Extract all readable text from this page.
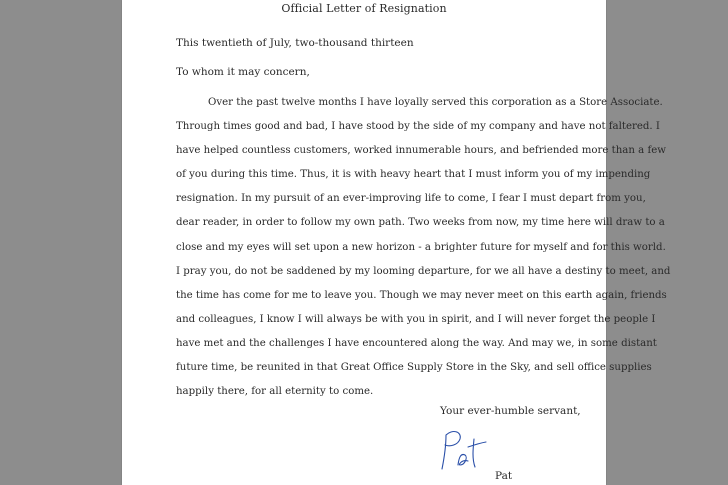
Official Letter of Resignation
This twentieth of July, two-thousand thirteen
To whom it may concern,

Over the past twelve months I have loyally served this corporation as a Store Associate.
Through times good and bad, I have stood by the side of my company and have not faltered. I
have helped countless customers, worked innumerable hours, and befriended more than a few
of you during this time. Thus, it is with heavy heart that I must inform you of my impending
resignation. In my pursuit of an ever-improving life to come, I fear I must depart from you,
dear reader, in order to follow my own path. Two weeks from now, my time here will draw to a
close and my eyes will set upon a new horizon - a brighter future for myself and for this world.
I pray you, do not be saddened by my looming departure, for we all have a destiny to meet, and
the time has come for me to leave you. Though we may never meet on this earth again, friends
and colleagues, I know I will always be with you in spirit, and I will never forget the people I
have met and the challenges I have encountered along the way. And may we, in some distant
future time, be reunited in that Great Office Supply Store in the Sky, and sell office supplies
happily there, for all eternity to come.

Your ever-humble servant,
Pat
